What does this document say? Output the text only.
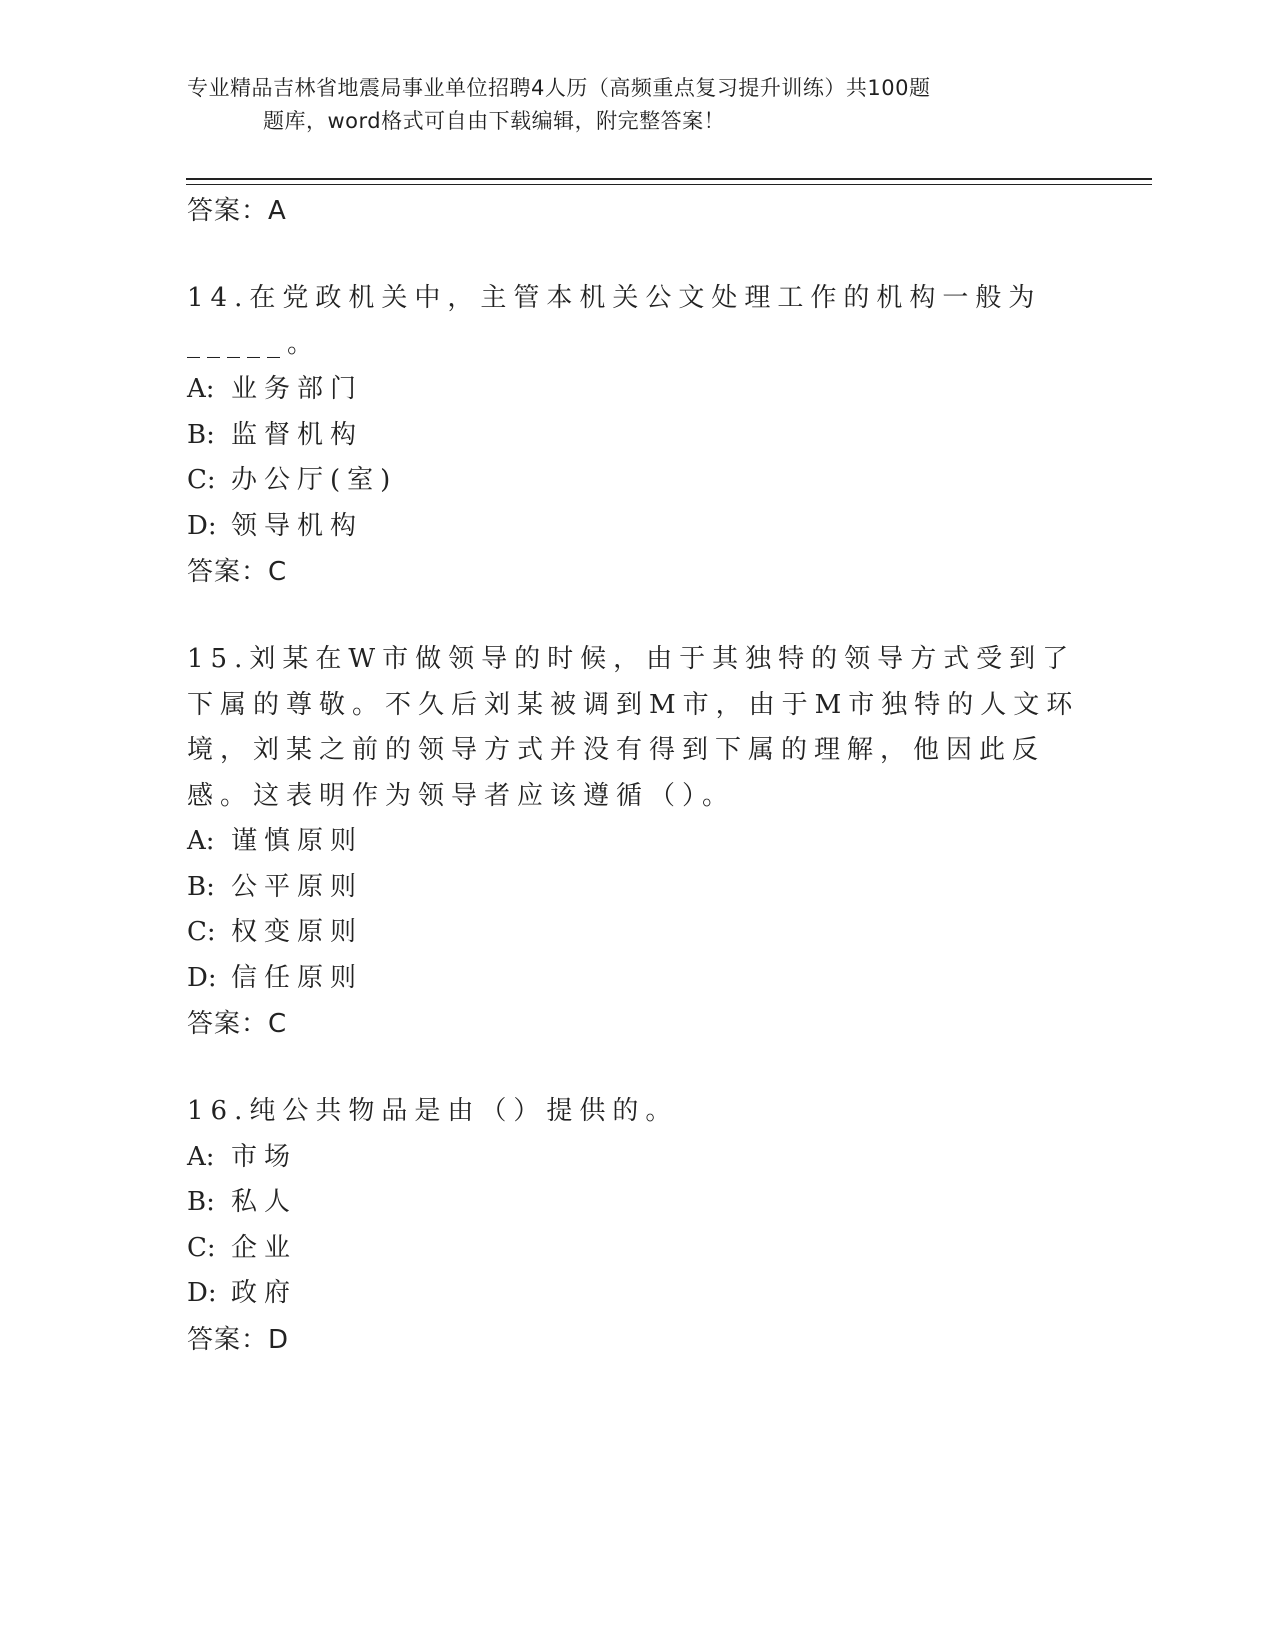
专业精品吉林省地震局事业单位招聘4人历（高频重点复习提升训练）共100题
题库，word格式可自由下载编辑，附完整答案！
答案：A
14.在党政机关中，主管本机关公文处理工作的机构一般为_____。
A: 业务部门
B: 监督机构
C: 办公厅(室)
D: 领导机构
答案：C
15.刘某在W市做领导的时候，由于其独特的领导方式受到了下属的尊敬。不久后刘某被调到M市，由于M市独特的人文环境，刘某之前的领导方式并没有得到下属的理解，他因此反感。这表明作为领导者应该遵循（）。
A: 谨慎原则
B: 公平原则
C: 权变原则
D: 信任原则
答案：C
16.纯公共物品是由（）提供的。
A: 市场
B: 私人
C: 企业
D: 政府
答案：D
